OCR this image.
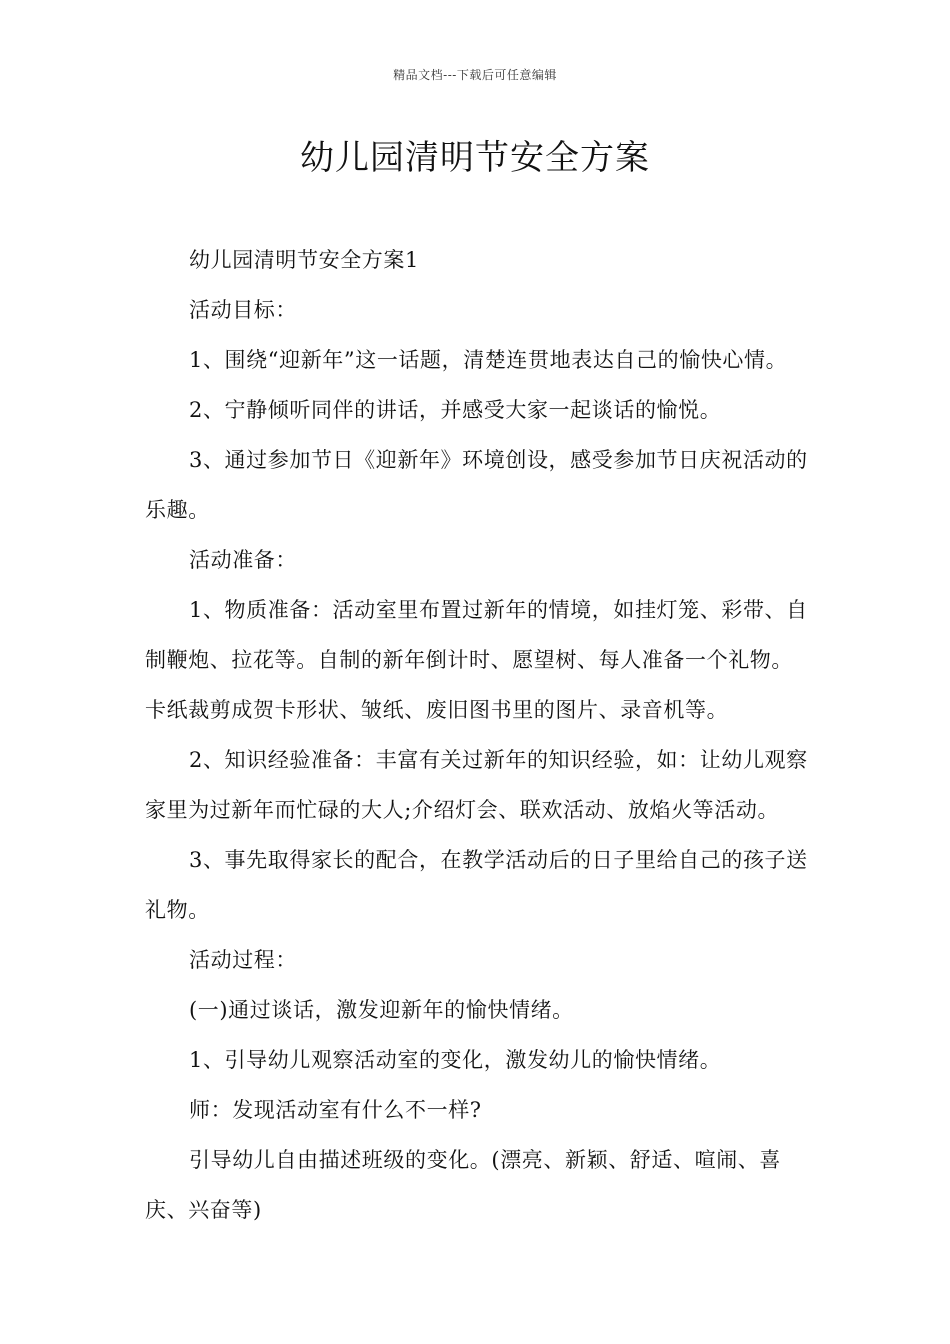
精品文档---下载后可任意编辑
幼儿园清明节安全方案

幼儿园清明节安全方案1

活动目标：

1、围绕“迎新年”这一话题，清楚连贯地表达自己的愉快心情。

2、宁静倾听同伴的讲话，并感受大家一起谈话的愉悦。

3、通过参加节日《迎新年》环境创设，感受参加节日庆祝活动的乐趣。

活动准备：

1、物质准备：活动室里布置过新年的情境，如挂灯笼、彩带、自制鞭炮、拉花等。自制的新年倒计时、愿望树、每人准备一个礼物。卡纸裁剪成贺卡形状、皱纸、废旧图书里的图片、录音机等。

2、知识经验准备：丰富有关过新年的知识经验，如：让幼儿观察家里为过新年而忙碌的大人;介绍灯会、联欢活动、放焰火等活动。

3、事先取得家长的配合，在教学活动后的日子里给自己的孩子送礼物。

活动过程：

(一)通过谈话，激发迎新年的愉快情绪。

1、引导幼儿观察活动室的变化，激发幼儿的愉快情绪。

师：发现活动室有什么不一样?

引导幼儿自由描述班级的变化。(漂亮、新颖、舒适、喧闹、喜庆、兴奋等)
